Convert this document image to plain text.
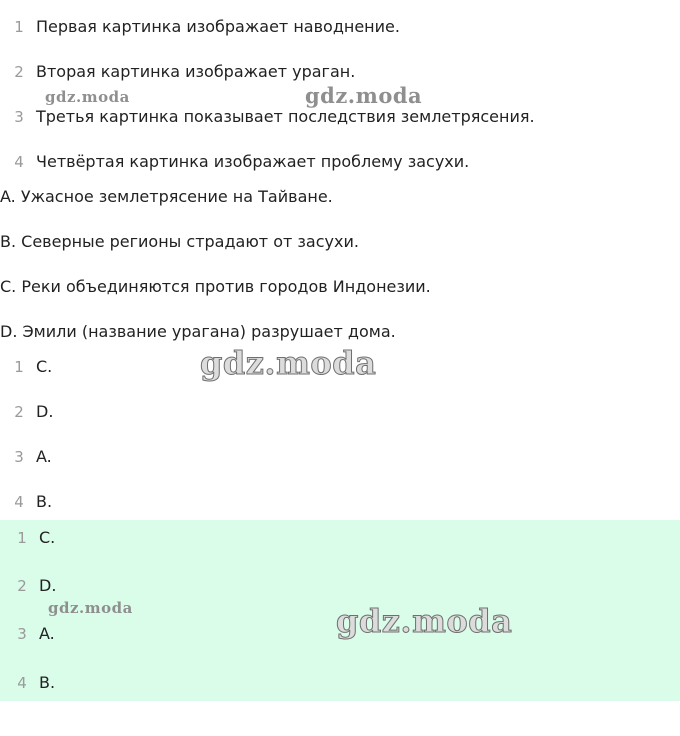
1 Первая картинка изображает наводнение.
2 Вторая картинка изображает ураган.
3 Третья картинка показывает последствия землетрясения.
4 Четвёртая картинка изображает проблему засухи.
A. Ужасное землетрясение на Тайване.
B. Северные регионы страдают от засухи.
C. Реки объединяются против городов Индонезии.
D. Эмили (название урагана) разрушает дома.
1 C.
2 D.
3 A.
4 B.
1 C.
2 D.
3 A.
4 B.
gdz.moda	gdz.moda
gdz.moda
gdz.moda	gdz.moda
